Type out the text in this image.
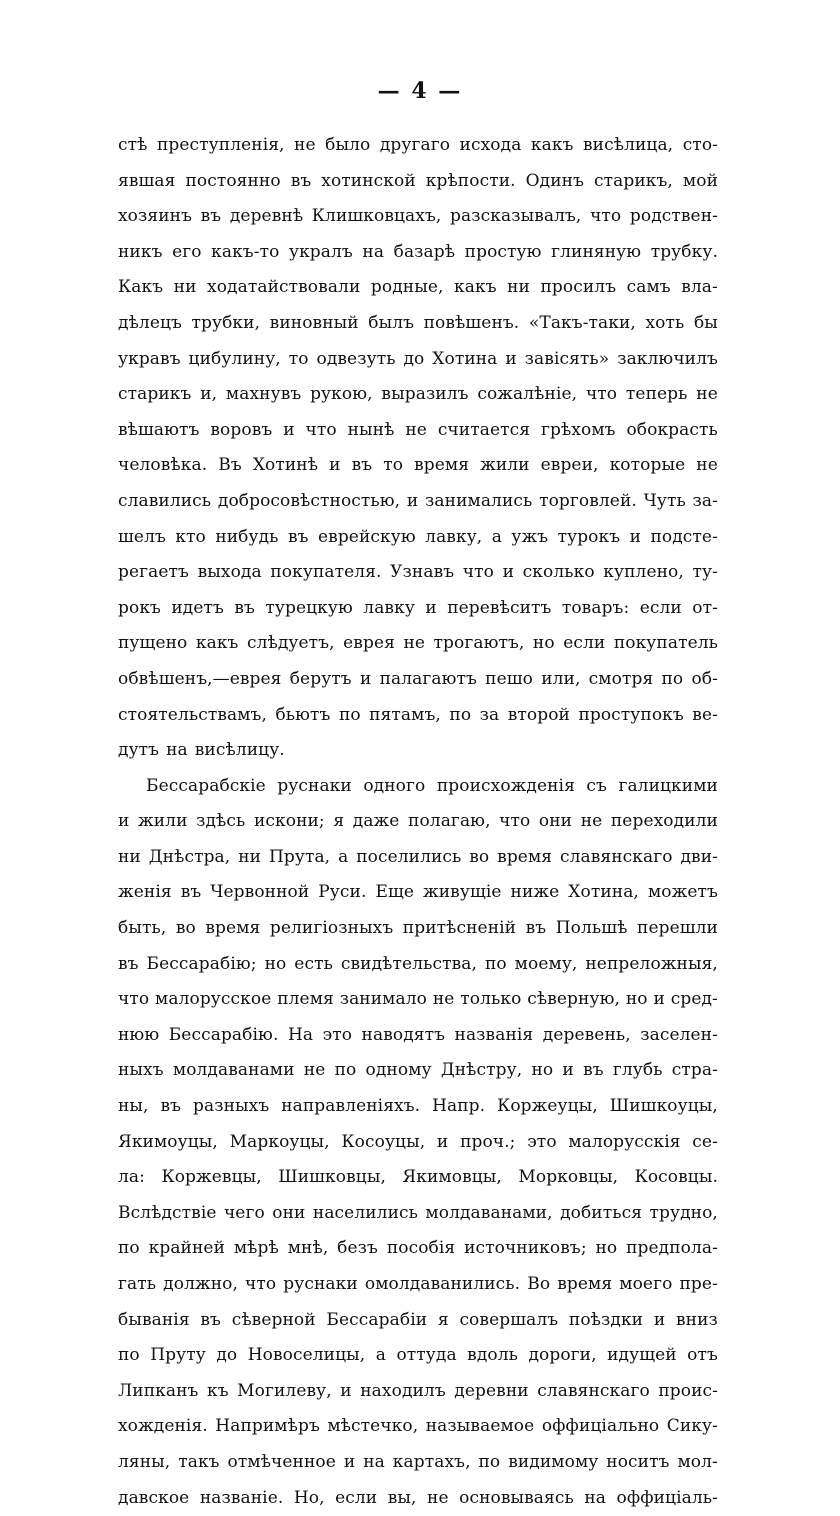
— 4 —
стѣ преступленія, не было другаго исхода какъ висѣлица, сто-
явшая постоянно въ хотинской крѣпости. Одинъ старикъ, мой
хозяинъ въ деревнѣ Клишковцахъ, разсказывалъ, что родствен-
никъ его какъ-то укралъ на базарѣ простую глиняную трубку.
Какъ ни ходатайствовали родные, какъ ни просилъ самъ вла-
дѣлецъ трубки, виновный былъ повѣшенъ. «Такъ-таки, хоть бы
укравъ цибулину, то одвезуть до Хотина и завісять» заключилъ
старикъ и, махнувъ рукою, выразилъ сожалѣніе, что теперь не
вѣшаютъ воровъ и что нынѣ не считается грѣхомъ обокрасть
человѣка. Въ Хотинѣ и въ то время жили евреи, которые не
славились добросовѣстностью, и занимались торговлей. Чуть за-
шелъ кто нибудь въ еврейскую лавку, а ужъ турокъ и подсте-
регаетъ выхода покупателя. Узнавъ что и сколько куплено, ту-
рокъ идетъ въ турецкую лавку и перевѣситъ товаръ: если от-
пущено какъ слѣдуетъ, еврея не трогаютъ, но если покупатель
обвѣшенъ,—еврея берутъ и палагаютъ пешо или, смотря по об-
стоятельствамъ, бьютъ по пятамъ, по за второй проступокъ ве-
дутъ на висѣлицу.
Бессарабскіе руснаки одного происхожденія съ галицкими
и жили здѣсь искони; я даже полагаю, что они не переходили
ни Днѣстра, ни Прута, а поселились во время славянскаго дви-
женія въ Червонной Руси. Еще живущіе ниже Хотина, можетъ
быть, во время религіозныхъ притѣсненій въ Польшѣ перешли
въ Бессарабію; но есть свидѣтельства, по моему, непреложныя,
что малорусское племя занимало не только сѣверную, но и сред-
нюю Бессарабію. На это наводятъ названія деревень, заселен-
ныхъ молдаванами не по одному Днѣстру, но и въ глубь стра-
ны, въ разныхъ направленіяхъ. Напр. Коржеуцы, Шишкоуцы,
Якимоуцы, Маркоуцы, Косоуцы, и проч.; это малорусскія се-
ла: Коржевцы, Шишковцы, Якимовцы, Морковцы, Косовцы.
Вслѣдствіе чего они населились молдаванами, добиться трудно,
по крайней мѣрѣ мнѣ, безъ пособія источниковъ; но предпола-
гать должно, что руснаки омолдаванились. Во время моего пре-
быванія въ сѣверной Бессарабіи я совершалъ поѣздки и вниз
по Пруту до Новоселицы, а оттуда вдоль дороги, идущей отъ
Липканъ къ Могилеву, и находилъ деревни славянскаго проис-
хожденія. Напримѣръ мѣстечко, называемое оффиціально Сику-
ляны, такъ отмѣченное и на картахъ, по видимому носитъ мол-
давское названіе. Но, если вы, не основываясь на оффиціаль-
